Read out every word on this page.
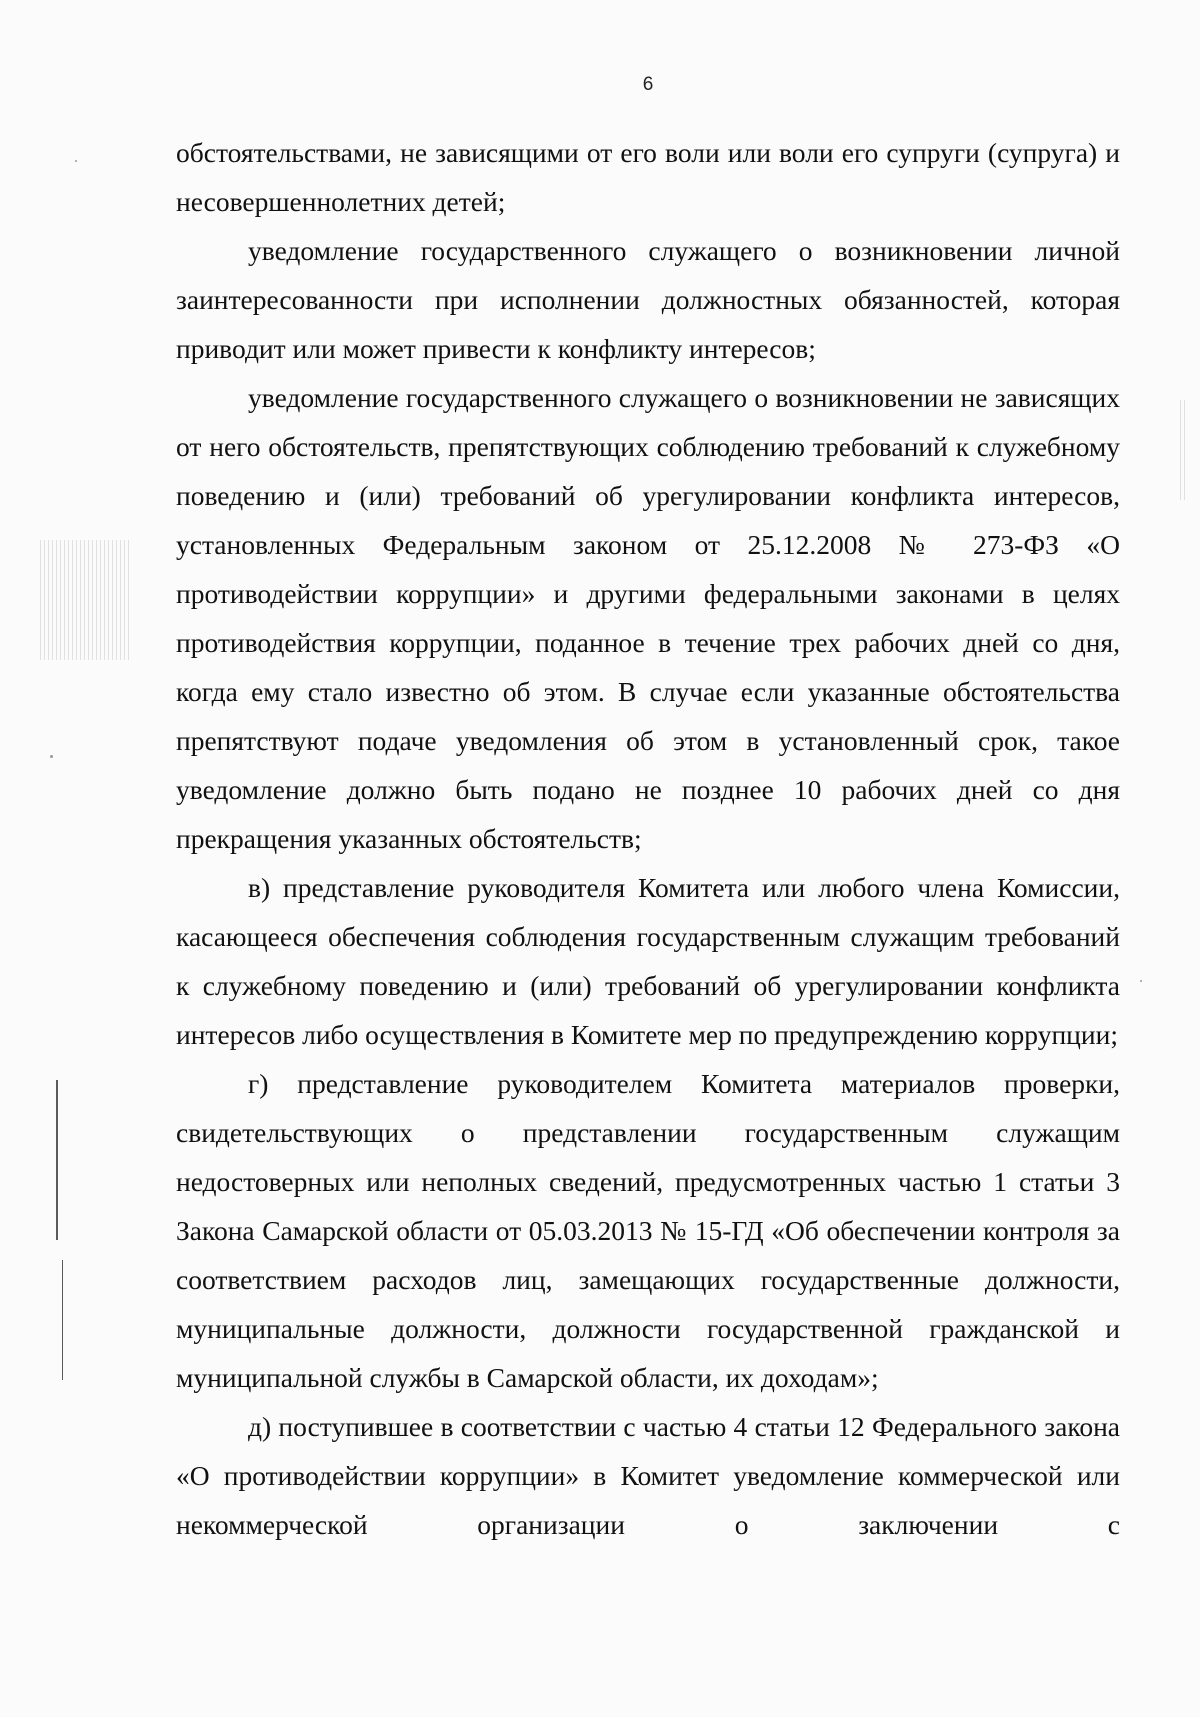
6

обстоятельствами, не зависящими от его воли или воли его супруги (супруга) и несовершеннолетних детей;

уведомление государственного служащего о возникновении личной заинтересованности при исполнении должностных обязанностей, которая приводит или может привести к конфликту интересов;

уведомление государственного служащего о возникновении не зависящих от него обстоятельств, препятствующих соблюдению требований к служебному поведению и (или) требований об урегулировании конфликта интересов, установленных Федеральным законом от 25.12.2008 № 273-ФЗ «О противодействии коррупции» и другими федеральными законами в целях противодействия коррупции, поданное в течение трех рабочих дней со дня, когда ему стало известно об этом. В случае если указанные обстоятельства препятствуют подаче уведомления об этом в установленный срок, такое уведомление должно быть подано не позднее 10 рабочих дней со дня прекращения указанных обстоятельств;

в) представление руководителя Комитета или любого члена Комиссии, касающееся обеспечения соблюдения государственным служащим требований к служебному поведению и (или) требований об урегулировании конфликта интересов либо осуществления в Комитете мер по предупреждению коррупции;

г) представление руководителем Комитета материалов проверки, свидетельствующих о представлении государственным служащим недостоверных или неполных сведений, предусмотренных частью 1 статьи 3 Закона Самарской области от 05.03.2013 № 15-ГД «Об обеспечении контроля за соответствием расходов лиц, замещающих государственные должности, муниципальные должности, должности государственной гражданской и муниципальной службы в Самарской области, их доходам»;

д) поступившее в соответствии с частью 4 статьи 12 Федерального закона «О противодействии коррупции» в Комитет уведомление коммерческой или некоммерческой организации о заключении с
